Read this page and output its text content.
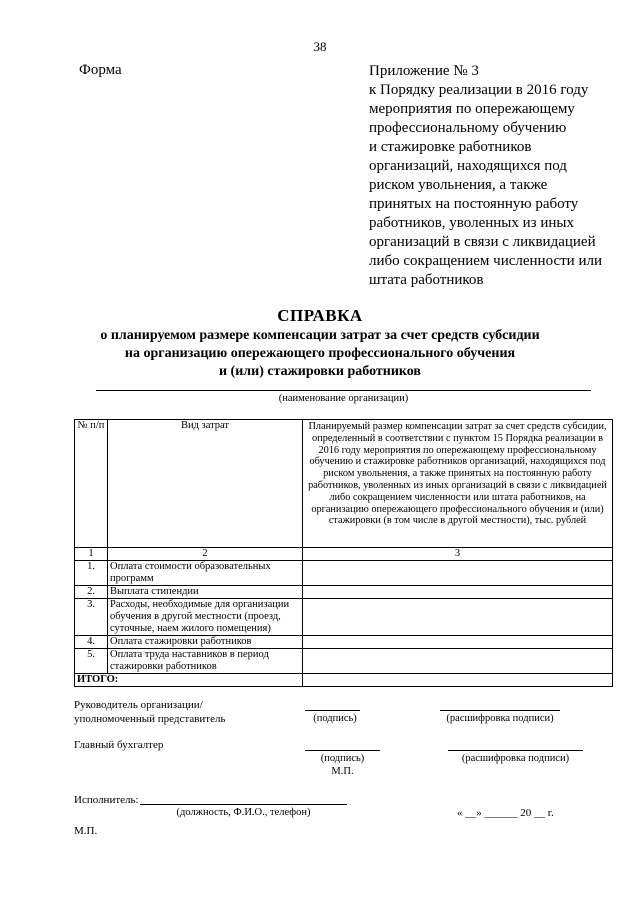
38
Форма	Приложение № 3
к Порядку реализации в 2016 году
мероприятия по опережающему
профессиональному обучению
и стажировке работников
организаций, находящихся под
риском увольнения, а также
принятых на постоянную работу
работников, уволенных из иных
организаций в связи с ликвидацией
либо сокращением численности или
штата работников
СПРАВКА
о планируемом размере компенсации затрат за счет средств субсидии
на организацию опережающего профессионального обучения
и (или) стажировки работников
(наименование организации)
№ п/п	Вид затрат	Планируемый размер компенсации затрат за счет средств субсидии, определенный в соответствии с пунктом 15 Порядка реализации в 2016 году мероприятия по опережающему профессиональному обучению и стажировке работников организаций, находящихся под риском увольнения, а также принятых на постоянную работу работников, уволенных из иных организаций в связи с ликвидацией либо сокращением численности или штата работников, на организацию опережающего профессионального обучения и (или) стажировки (в том числе в другой местности), тыс. рублей
1	2	3
1.	Оплата стоимости образовательных программ	
2.	Выплата стипендии	
3.	Расходы, необходимые для организации обучения в другой местности (проезд, суточные, наем жилого помещения)	
4.	Оплата стажировки работников	
5.	Оплата труда наставников в период стажировки работников	
ИТОГО:		
Руководитель организации/
уполномоченный представитель	(подпись)	(расшифровка подписи)
Главный бухгалтер
(подпись)
М.П.
(расшифровка подписи)
Исполнитель:
(должность, Ф.И.О., телефон)	« __» ______ 20 __ г.
М.П.
